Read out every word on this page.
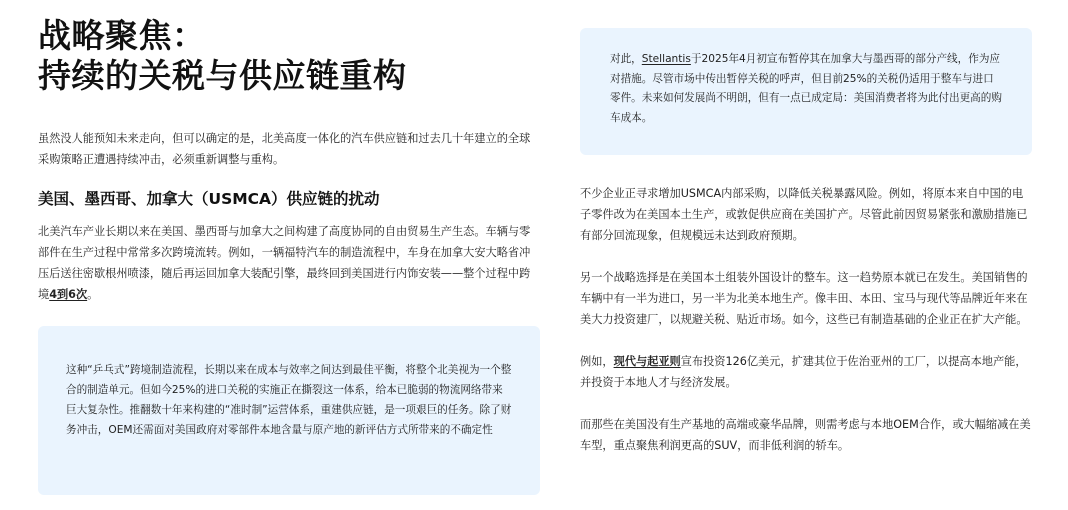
战略聚焦：
持续的关税与供应链重构

虽然没人能预知未来走向，但可以确定的是，北美高度一体化的汽车供应链和过去几十年建立的全球采购策略正遭遇持续冲击，必须重新调整与重构。

美国、墨西哥、加拿大（USMCA）供应链的扰动

北美汽车产业长期以来在美国、墨西哥与加拿大之间构建了高度协同的自由贸易生产生态。车辆与零部件在生产过程中常常多次跨境流转。例如，一辆福特汽车的制造流程中，车身在加拿大安大略省冲压后送往密歇根州喷漆，随后再运回加拿大装配引擎，最终回到美国进行内饰安装——整个过程中跨境4到6次。

这种“乒乓式”跨境制造流程，长期以来在成本与效率之间达到最佳平衡，将整个北美视为一个整合的制造单元。但如今25%的进口关税的实施正在撕裂这一体系，给本已脆弱的物流网络带来巨大复杂性。推翻数十年来构建的“准时制”运营体系，重建供应链，是一项艰巨的任务。除了财务冲击，OEM还需面对美国政府对零部件本地含量与原产地的新评估方式所带来的不确定性

对此，Stellantis于2025年4月初宣布暂停其在加拿大与墨西哥的部分产线，作为应对措施。尽管市场中传出暂停关税的呼声，但目前25%的关税仍适用于整车与进口零件。未来如何发展尚不明朗，但有一点已成定局：美国消费者将为此付出更高的购车成本。

不少企业正寻求增加USMCA内部采购，以降低关税暴露风险。例如，将原本来自中国的电子零件改为在美国本土生产，或敦促供应商在美国扩产。尽管此前因贸易紧张和激励措施已有部分回流现象，但规模远未达到政府预期。

另一个战略选择是在美国本土组装外国设计的整车。这一趋势原本就已在发生。美国销售的车辆中有一半为进口，另一半为北美本地生产。像丰田、本田、宝马与现代等品牌近年来在美大力投资建厂，以规避关税、贴近市场。如今，这些已有制造基础的企业正在扩大产能。

例如，现代与起亚则宣布投资126亿美元，扩建其位于佐治亚州的工厂，以提高本地产能，并投资于本地人才与经济发展。

而那些在美国没有生产基地的高端或豪华品牌，则需考虑与本地OEM合作，或大幅缩减在美车型，重点聚焦利润更高的SUV，而非低利润的轿车。
